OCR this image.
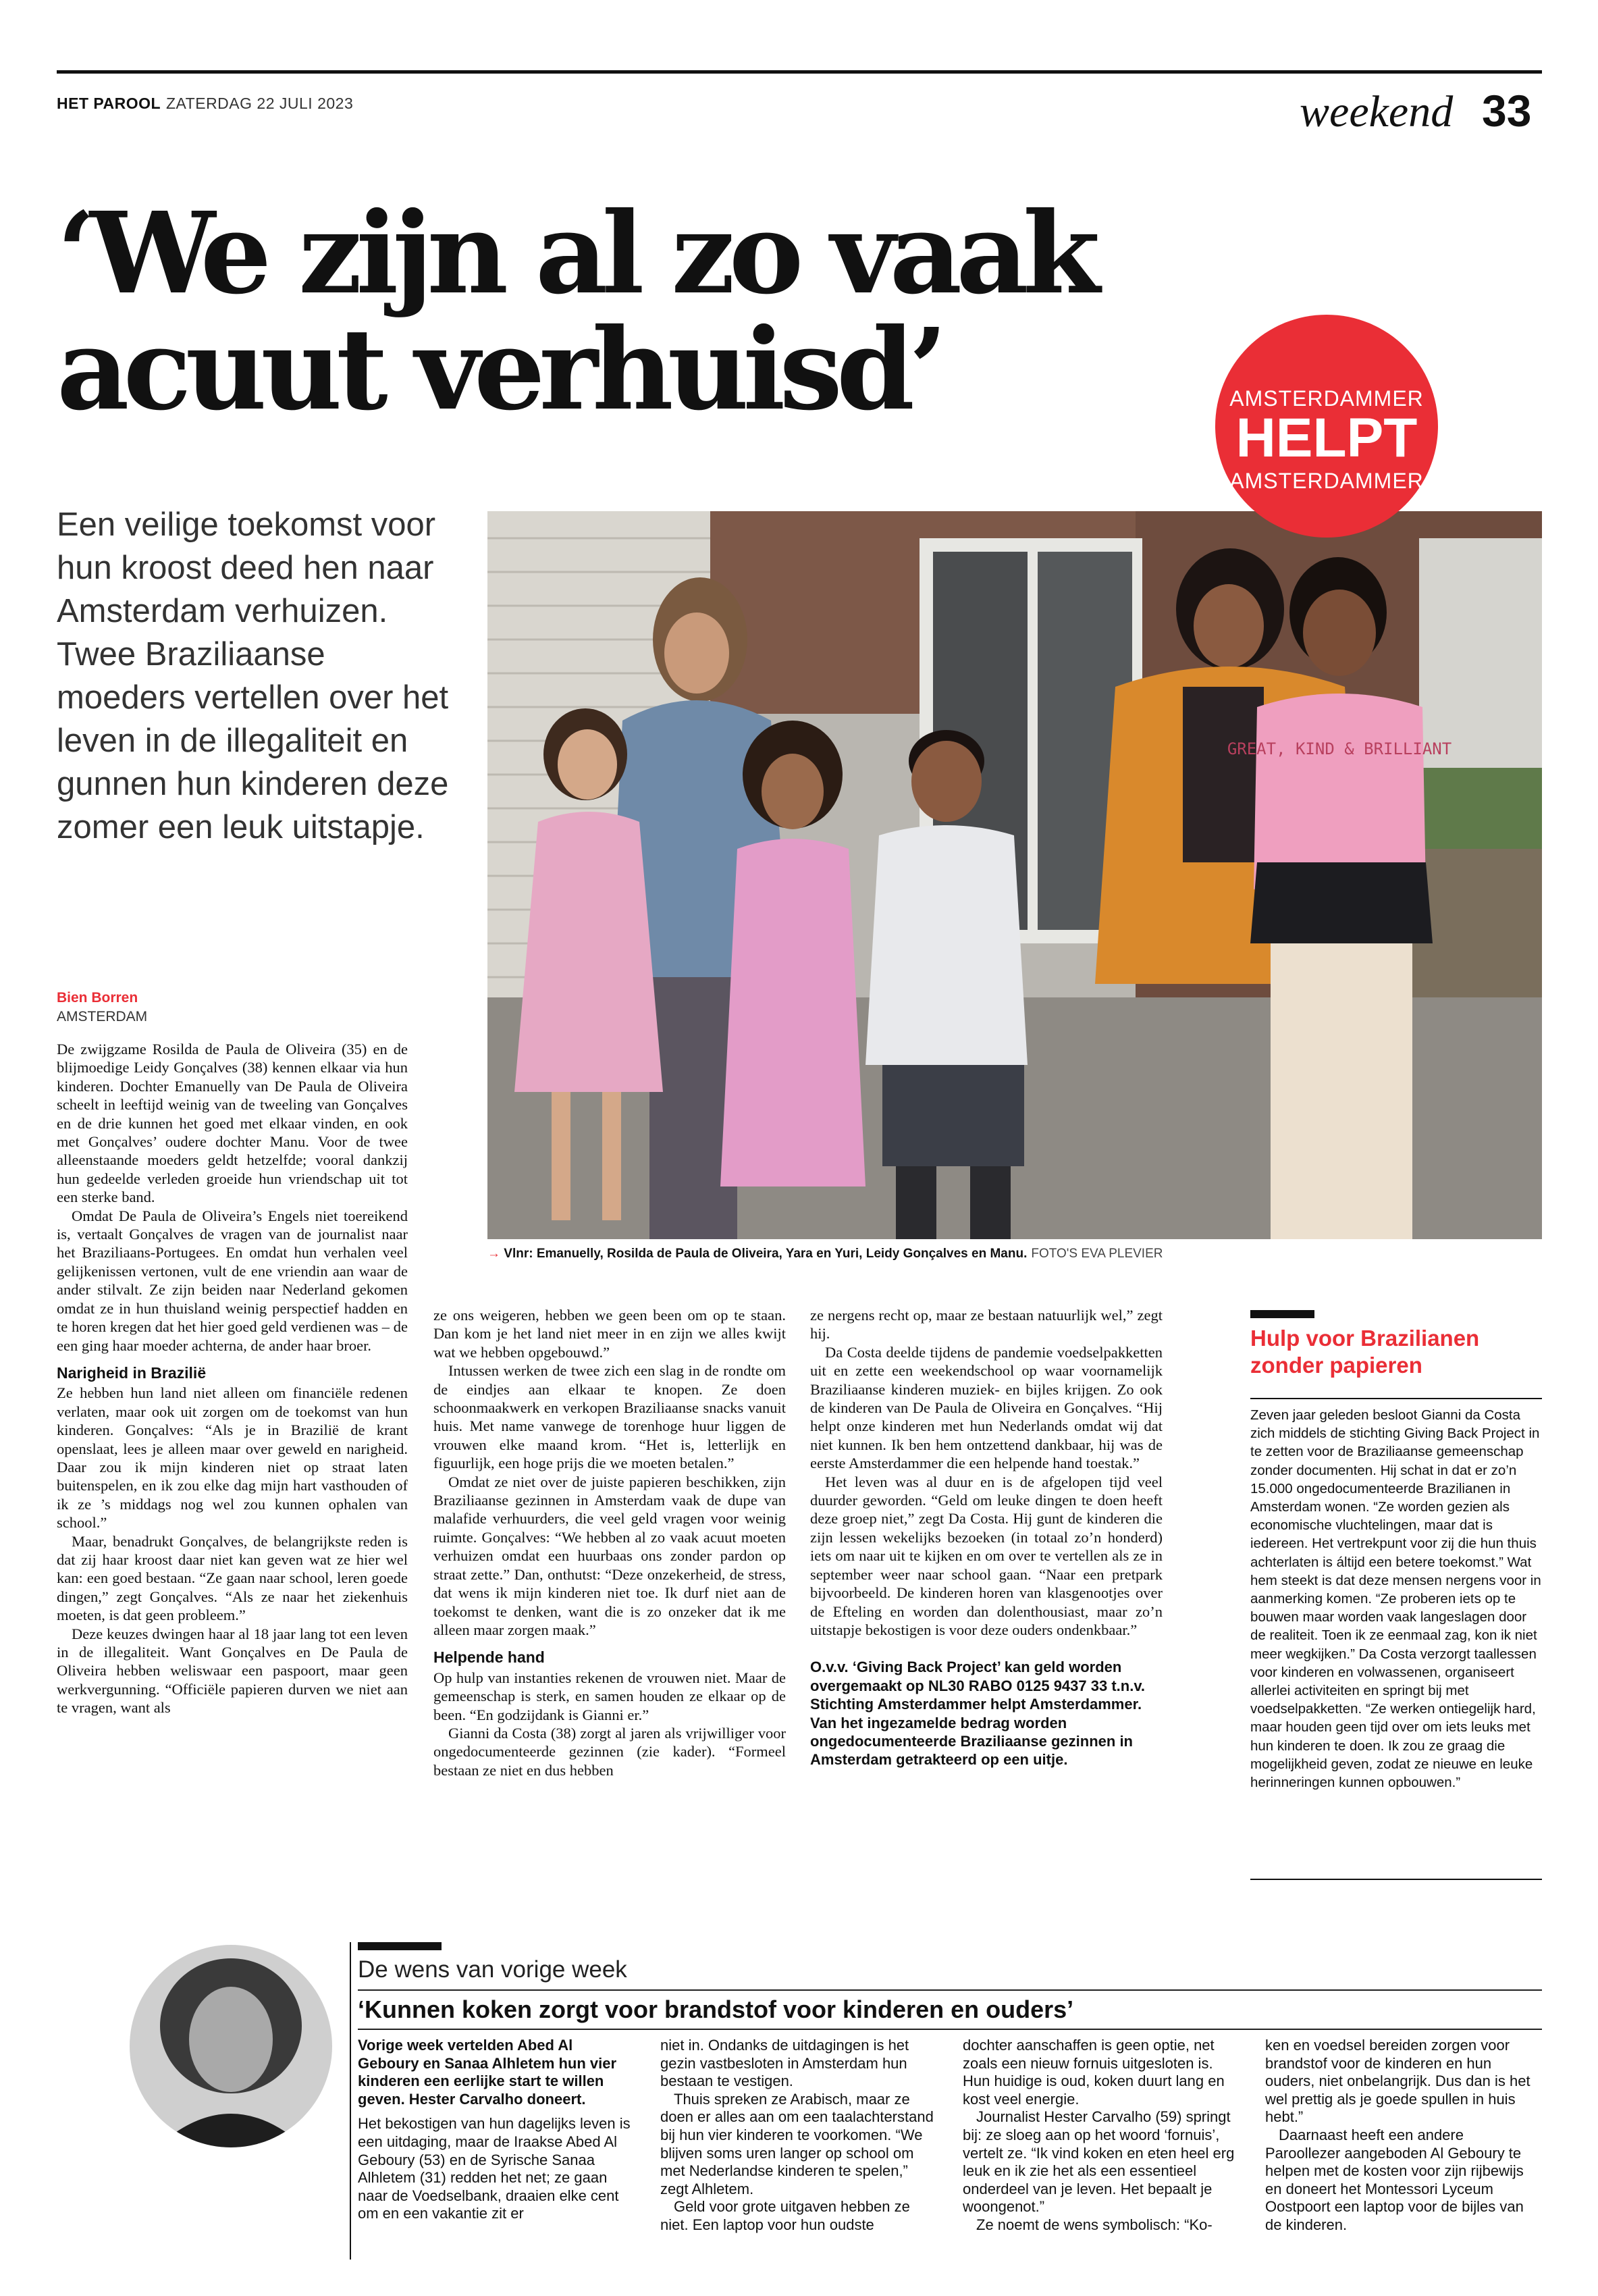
HET PAROOL ZATERDAG 22 JULI 2023	weekend 33
‘We zijn al zo vaak
acuut verhuisd’

Een veilige toekomst voor hun kroost deed hen naar Amsterdam verhuizen. Twee Braziliaanse moeders vertellen over het leven in de illegaliteit en gunnen hun kinderen deze zomer een leuk uitstapje.

GREAT, KIND & BRILLIANT
AMSTERDAMMER
HELPT
AMSTERDAMMER
→ Vlnr: Emanuelly, Rosilda de Paula de Oliveira, Yara en Yuri, Leidy Gonçalves en Manu. FOTO'S EVA PLEVIER
Bien Borren
AMSTERDAM

De zwijgzame Rosilda de Paula de Oliveira (35) en de blijmoedige Leidy Gonçalves (38) kennen elkaar via hun kinderen. Dochter Emanuelly van De Paula de Oliveira scheelt in leeftijd weinig van de tweeling van Gonçalves en de drie kunnen het goed met elkaar vinden, en ook met Gonçalves’ oudere dochter Manu. Voor de twee alleenstaande moeders geldt hetzelfde; vooral dankzij hun gedeelde verleden groeide hun vriendschap uit tot een sterke band.

Omdat De Paula de Oliveira’s Engels niet toereikend is, vertaalt Gonçalves de vragen van de journalist naar het Braziliaans-Portugees. En omdat hun verhalen veel gelijkenissen vertonen, vult de ene vriendin aan waar de ander stilvalt. Ze zijn beiden naar Nederland gekomen omdat ze in hun thuisland weinig perspectief hadden en te horen kregen dat het hier goed geld verdienen was – de een ging haar moeder achterna, de ander haar broer.

Narigheid in Brazilië

Ze hebben hun land niet alleen om financiële redenen verlaten, maar ook uit zorgen om de toekomst van hun kinderen. Gonçalves: “Als je in Brazilië de krant openslaat, lees je alleen maar over geweld en narigheid. Daar zou ik mijn kinderen niet op straat laten buitenspelen, en ik zou elke dag mijn hart vasthouden of ik ze ’s middags nog wel zou kunnen ophalen van school.”

Maar, benadrukt Gonçalves, de belangrijkste reden is dat zij haar kroost daar niet kan geven wat ze hier wel kan: een goed bestaan. “Ze gaan naar school, leren goede dingen,” zegt Gonçalves. “Als ze naar het ziekenhuis moeten, is dat geen probleem.”

Deze keuzes dwingen haar al 18 jaar lang tot een leven in de illegaliteit. Want Gonçalves en De Paula de Oliveira hebben weliswaar een paspoort, maar geen werkvergunning. “Officiële papieren durven we niet aan te vragen, want als

ze ons weigeren, hebben we geen been om op te staan. Dan kom je het land niet meer in en zijn we alles kwijt wat we hebben opgebouwd.”

Intussen werken de twee zich een slag in de rondte om de eindjes aan elkaar te knopen. Ze doen schoonmaakwerk en verkopen Braziliaanse snacks vanuit huis. Met name vanwege de torenhoge huur liggen de vrouwen elke maand krom. “Het is, letterlijk en figuurlijk, een hoge prijs die we moeten betalen.”

Omdat ze niet over de juiste papieren beschikken, zijn Braziliaanse gezinnen in Amsterdam vaak de dupe van malafide verhuurders, die veel geld vragen voor weinig ruimte. Gonçalves: “We hebben al zo vaak acuut moeten verhuizen omdat een huurbaas ons zonder pardon op straat zette.” Dan, onthutst: “Deze onzekerheid, de stress, dat wens ik mijn kinderen niet toe. Ik durf niet aan de toekomst te denken, want die is zo onzeker dat ik me alleen maar zorgen maak.”

Helpende hand

Op hulp van instanties rekenen de vrouwen niet. Maar de gemeenschap is sterk, en samen houden ze elkaar op de been. “En godzijdank is Gianni er.”

Gianni da Costa (38) zorgt al jaren als vrijwilliger voor ongedocumenteerde gezinnen (zie kader). “Formeel bestaan ze niet en dus hebben

ze nergens recht op, maar ze bestaan natuurlijk wel,” zegt hij.

Da Costa deelde tijdens de pandemie voedselpakketten uit en zette een weekendschool op waar voornamelijk Braziliaanse kinderen muziek- en bijles krijgen. Zo ook de kinderen van De Paula de Oliveira en Gonçalves. “Hij helpt onze kinderen met hun Nederlands omdat wij dat niet kunnen. Ik ben hem ontzettend dankbaar, hij was de eerste Amsterdammer die een helpende hand toestak.”

Het leven was al duur en is de afgelopen tijd veel duurder geworden. “Geld om leuke dingen te doen heeft deze groep niet,” zegt Da Costa. Hij gunt de kinderen die zijn lessen wekelijks bezoeken (in totaal zo’n honderd) iets om naar uit te kijken en om over te vertellen als ze in september weer naar school gaan. “Naar een pretpark bijvoorbeeld. De kinderen horen van klasgenootjes over de Efteling en worden dan dolenthousiast, maar zo’n uitstapje bekostigen is voor deze ouders ondenkbaar.”

O.v.v. ‘Giving Back Project’ kan geld worden overgemaakt op NL30 RABO 0125 9437 33 t.n.v. Stichting Amsterdammer helpt Amsterdammer. Van het ingezamelde bedrag worden ongedocumenteerde Braziliaanse gezinnen in Amsterdam getrakteerd op een uitje.

Hulp voor Brazilianen zonder papieren

Zeven jaar geleden besloot Gianni da Costa zich middels de stichting Giving Back Project in te zetten voor de Braziliaanse gemeenschap zonder documenten. Hij schat in dat er zo’n 15.000 ongedocumenteerde Brazilianen in Amsterdam wonen. “Ze worden gezien als economische vluchtelingen, maar dat is iedereen. Het vertrekpunt voor zij die hun thuis achterlaten is áltijd een betere toekomst.” Wat hem steekt is dat deze mensen nergens voor in aanmerking komen. “Ze proberen iets op te bouwen maar worden vaak langeslagen door de realiteit. Toen ik ze eenmaal zag, kon ik niet meer wegkijken.” Da Costa verzorgt taallessen voor kinderen en volwassenen, organiseert allerlei activiteiten en springt bij met voedselpakketten. “Ze werken ontiegelijk hard, maar houden geen tijd over om iets leuks met hun kinderen te doen. Ik zou ze graag die mogelijkheid geven, zodat ze nieuwe en leuke herinneringen kunnen opbouwen.”

De wens van vorige week
‘Kunnen koken zorgt voor brandstof voor kinderen en ouders’

Vorige week vertelden Abed Al Geboury en Sanaa Alhletem hun vier kinderen een eerlijke start te willen geven. Hester Carvalho doneert.

Het bekostigen van hun dagelijks leven is een uitdaging, maar de Iraakse Abed Al Geboury (53) en de Syrische Sanaa Alhletem (31) redden het net; ze gaan naar de Voedselbank, draaien elke cent om en een vakantie zit er

niet in. Ondanks de uitdagingen is het gezin vastbesloten in Amsterdam hun bestaan te vestigen.

Thuis spreken ze Arabisch, maar ze doen er alles aan om een taalachterstand bij hun vier kinderen te voorkomen. “We blijven soms uren langer op school om met Nederlandse kinderen te spelen,” zegt Alhletem.

Geld voor grote uitgaven hebben ze niet. Een laptop voor hun oudste

dochter aanschaffen is geen optie, net zoals een nieuw fornuis uitgesloten is. Hun huidige is oud, koken duurt lang en kost veel energie.

Journalist Hester Carvalho (59) springt bij: ze sloeg aan op het woord ‘fornuis’, vertelt ze. “Ik vind koken en eten heel erg leuk en ik zie het als een essentieel onderdeel van je leven. Het bepaalt je woongenot.”

Ze noemt de wens symbolisch: “Ko-

ken en voedsel bereiden zorgen voor brandstof voor de kinderen en hun ouders, niet onbelangrijk. Dus dan is het wel prettig als je goede spullen in huis hebt.”

Daarnaast heeft een andere Paroollezer aangeboden Al Geboury te helpen met de kosten voor zijn rijbewijs en doneert het Montessori Lyceum Oostpoort een laptop voor de bijles van de kinderen.
